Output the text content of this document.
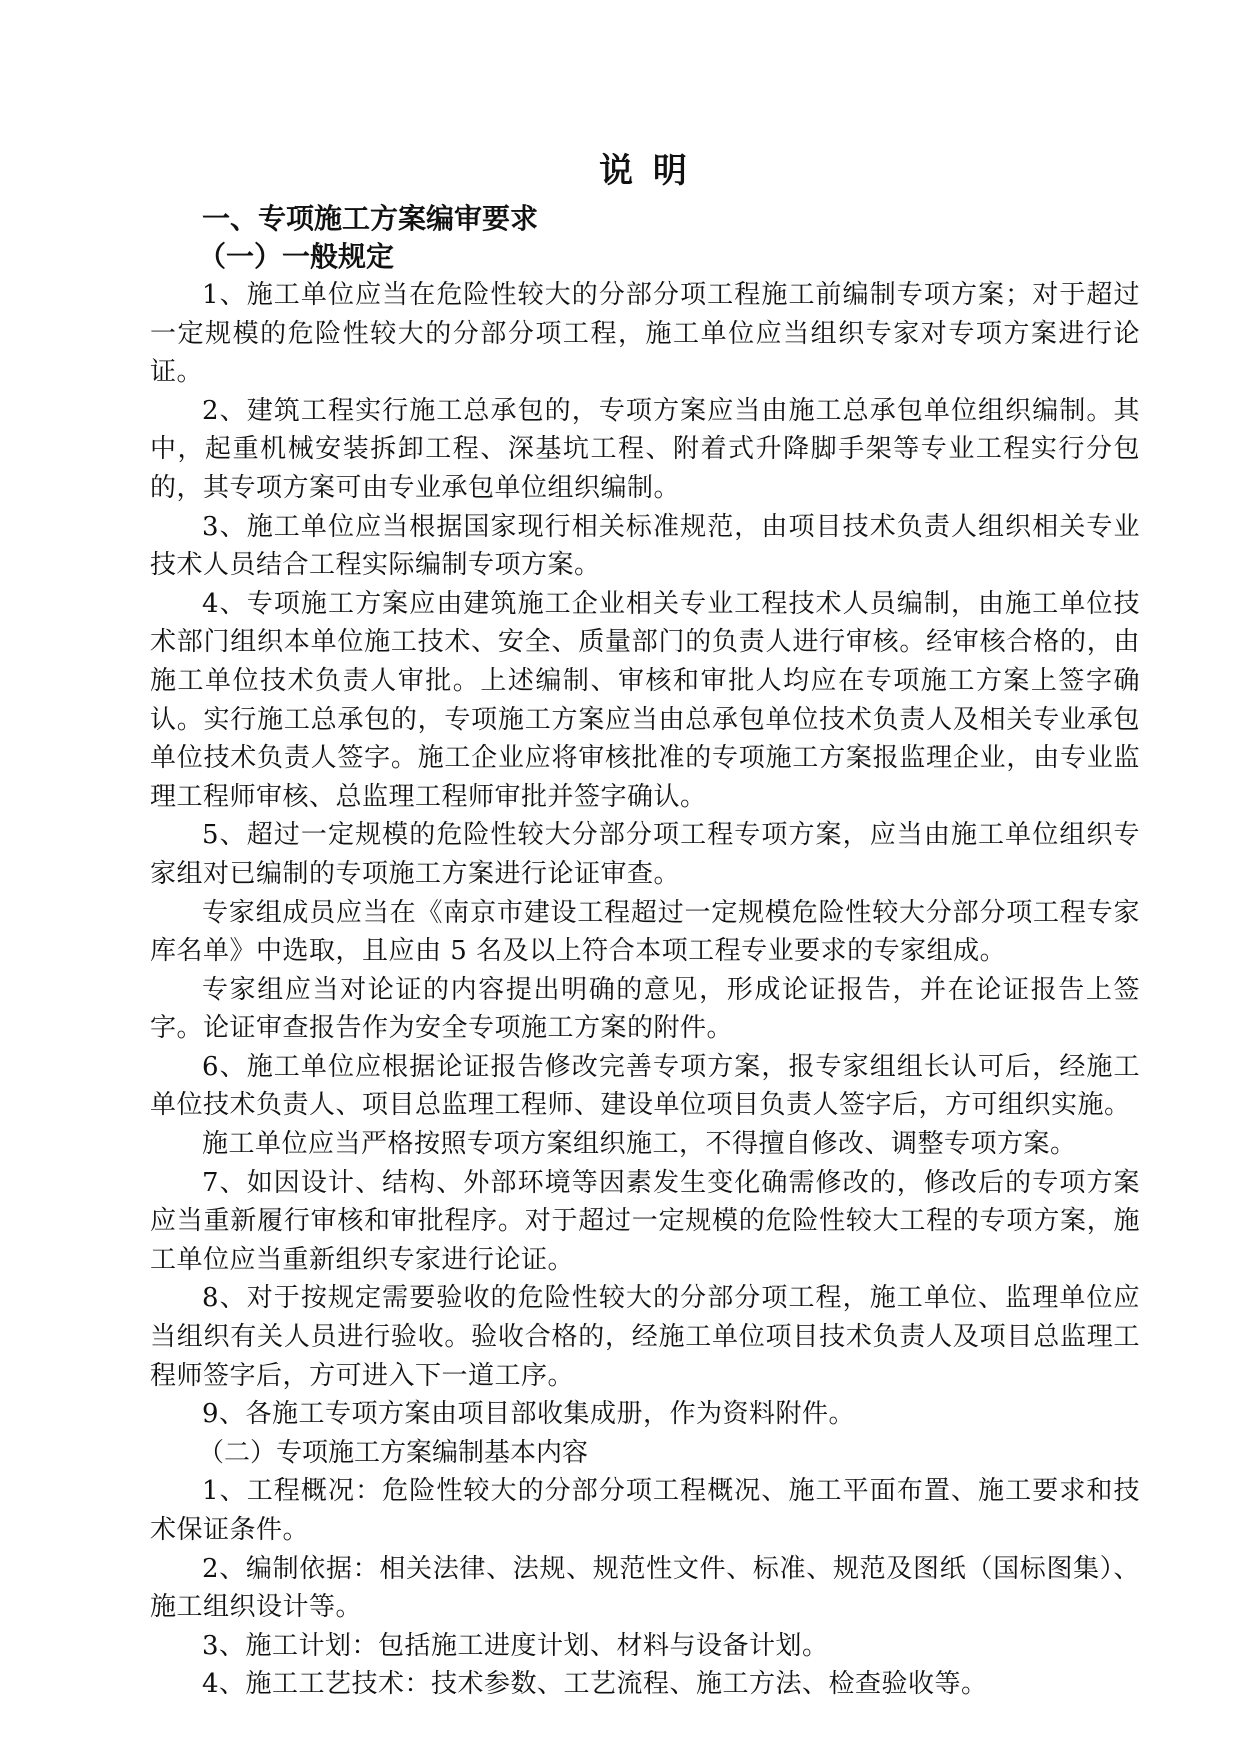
说 明
一、专项施工方案编审要求
（一）一般规定

1、施工单位应当在危险性较大的分部分项工程施工前编制专项方案；对于超过一定规模的危险性较大的分部分项工程，施工单位应当组织专家对专项方案进行论证。

2、建筑工程实行施工总承包的，专项方案应当由施工总承包单位组织编制。其中，起重机械安装拆卸工程、深基坑工程、附着式升降脚手架等专业工程实行分包的，其专项方案可由专业承包单位组织编制。

3、施工单位应当根据国家现行相关标准规范，由项目技术负责人组织相关专业技术人员结合工程实际编制专项方案。

4、专项施工方案应由建筑施工企业相关专业工程技术人员编制，由施工单位技术部门组织本单位施工技术、安全、质量部门的负责人进行审核。经审核合格的，由施工单位技术负责人审批。上述编制、审核和审批人均应在专项施工方案上签字确认。实行施工总承包的，专项施工方案应当由总承包单位技术负责人及相关专业承包单位技术负责人签字。施工企业应将审核批准的专项施工方案报监理企业，由专业监理工程师审核、总监理工程师审批并签字确认。

5、超过一定规模的危险性较大分部分项工程专项方案，应当由施工单位组织专家组对已编制的专项施工方案进行论证审查。

专家组成员应当在《南京市建设工程超过一定规模危险性较大分部分项工程专家库名单》中选取，且应由 5 名及以上符合本项工程专业要求的专家组成。

专家组应当对论证的内容提出明确的意见，形成论证报告，并在论证报告上签字。论证审查报告作为安全专项施工方案的附件。

6、施工单位应根据论证报告修改完善专项方案，报专家组组长认可后，经施工单位技术负责人、项目总监理工程师、建设单位项目负责人签字后，方可组织实施。

施工单位应当严格按照专项方案组织施工，不得擅自修改、调整专项方案。

7、如因设计、结构、外部环境等因素发生变化确需修改的，修改后的专项方案应当重新履行审核和审批程序。对于超过一定规模的危险性较大工程的专项方案，施工单位应当重新组织专家进行论证。

8、对于按规定需要验收的危险性较大的分部分项工程，施工单位、监理单位应当组织有关人员进行验收。验收合格的，经施工单位项目技术负责人及项目总监理工程师签字后，方可进入下一道工序。

9、各施工专项方案由项目部收集成册，作为资料附件。

（二）专项施工方案编制基本内容

1、工程概况：危险性较大的分部分项工程概况、施工平面布置、施工要求和技术保证条件。

2、编制依据：相关法律、法规、规范性文件、标准、规范及图纸（国标图集）、施工组织设计等。

3、施工计划：包括施工进度计划、材料与设备计划。

4、施工工艺技术：技术参数、工艺流程、施工方法、检查验收等。
